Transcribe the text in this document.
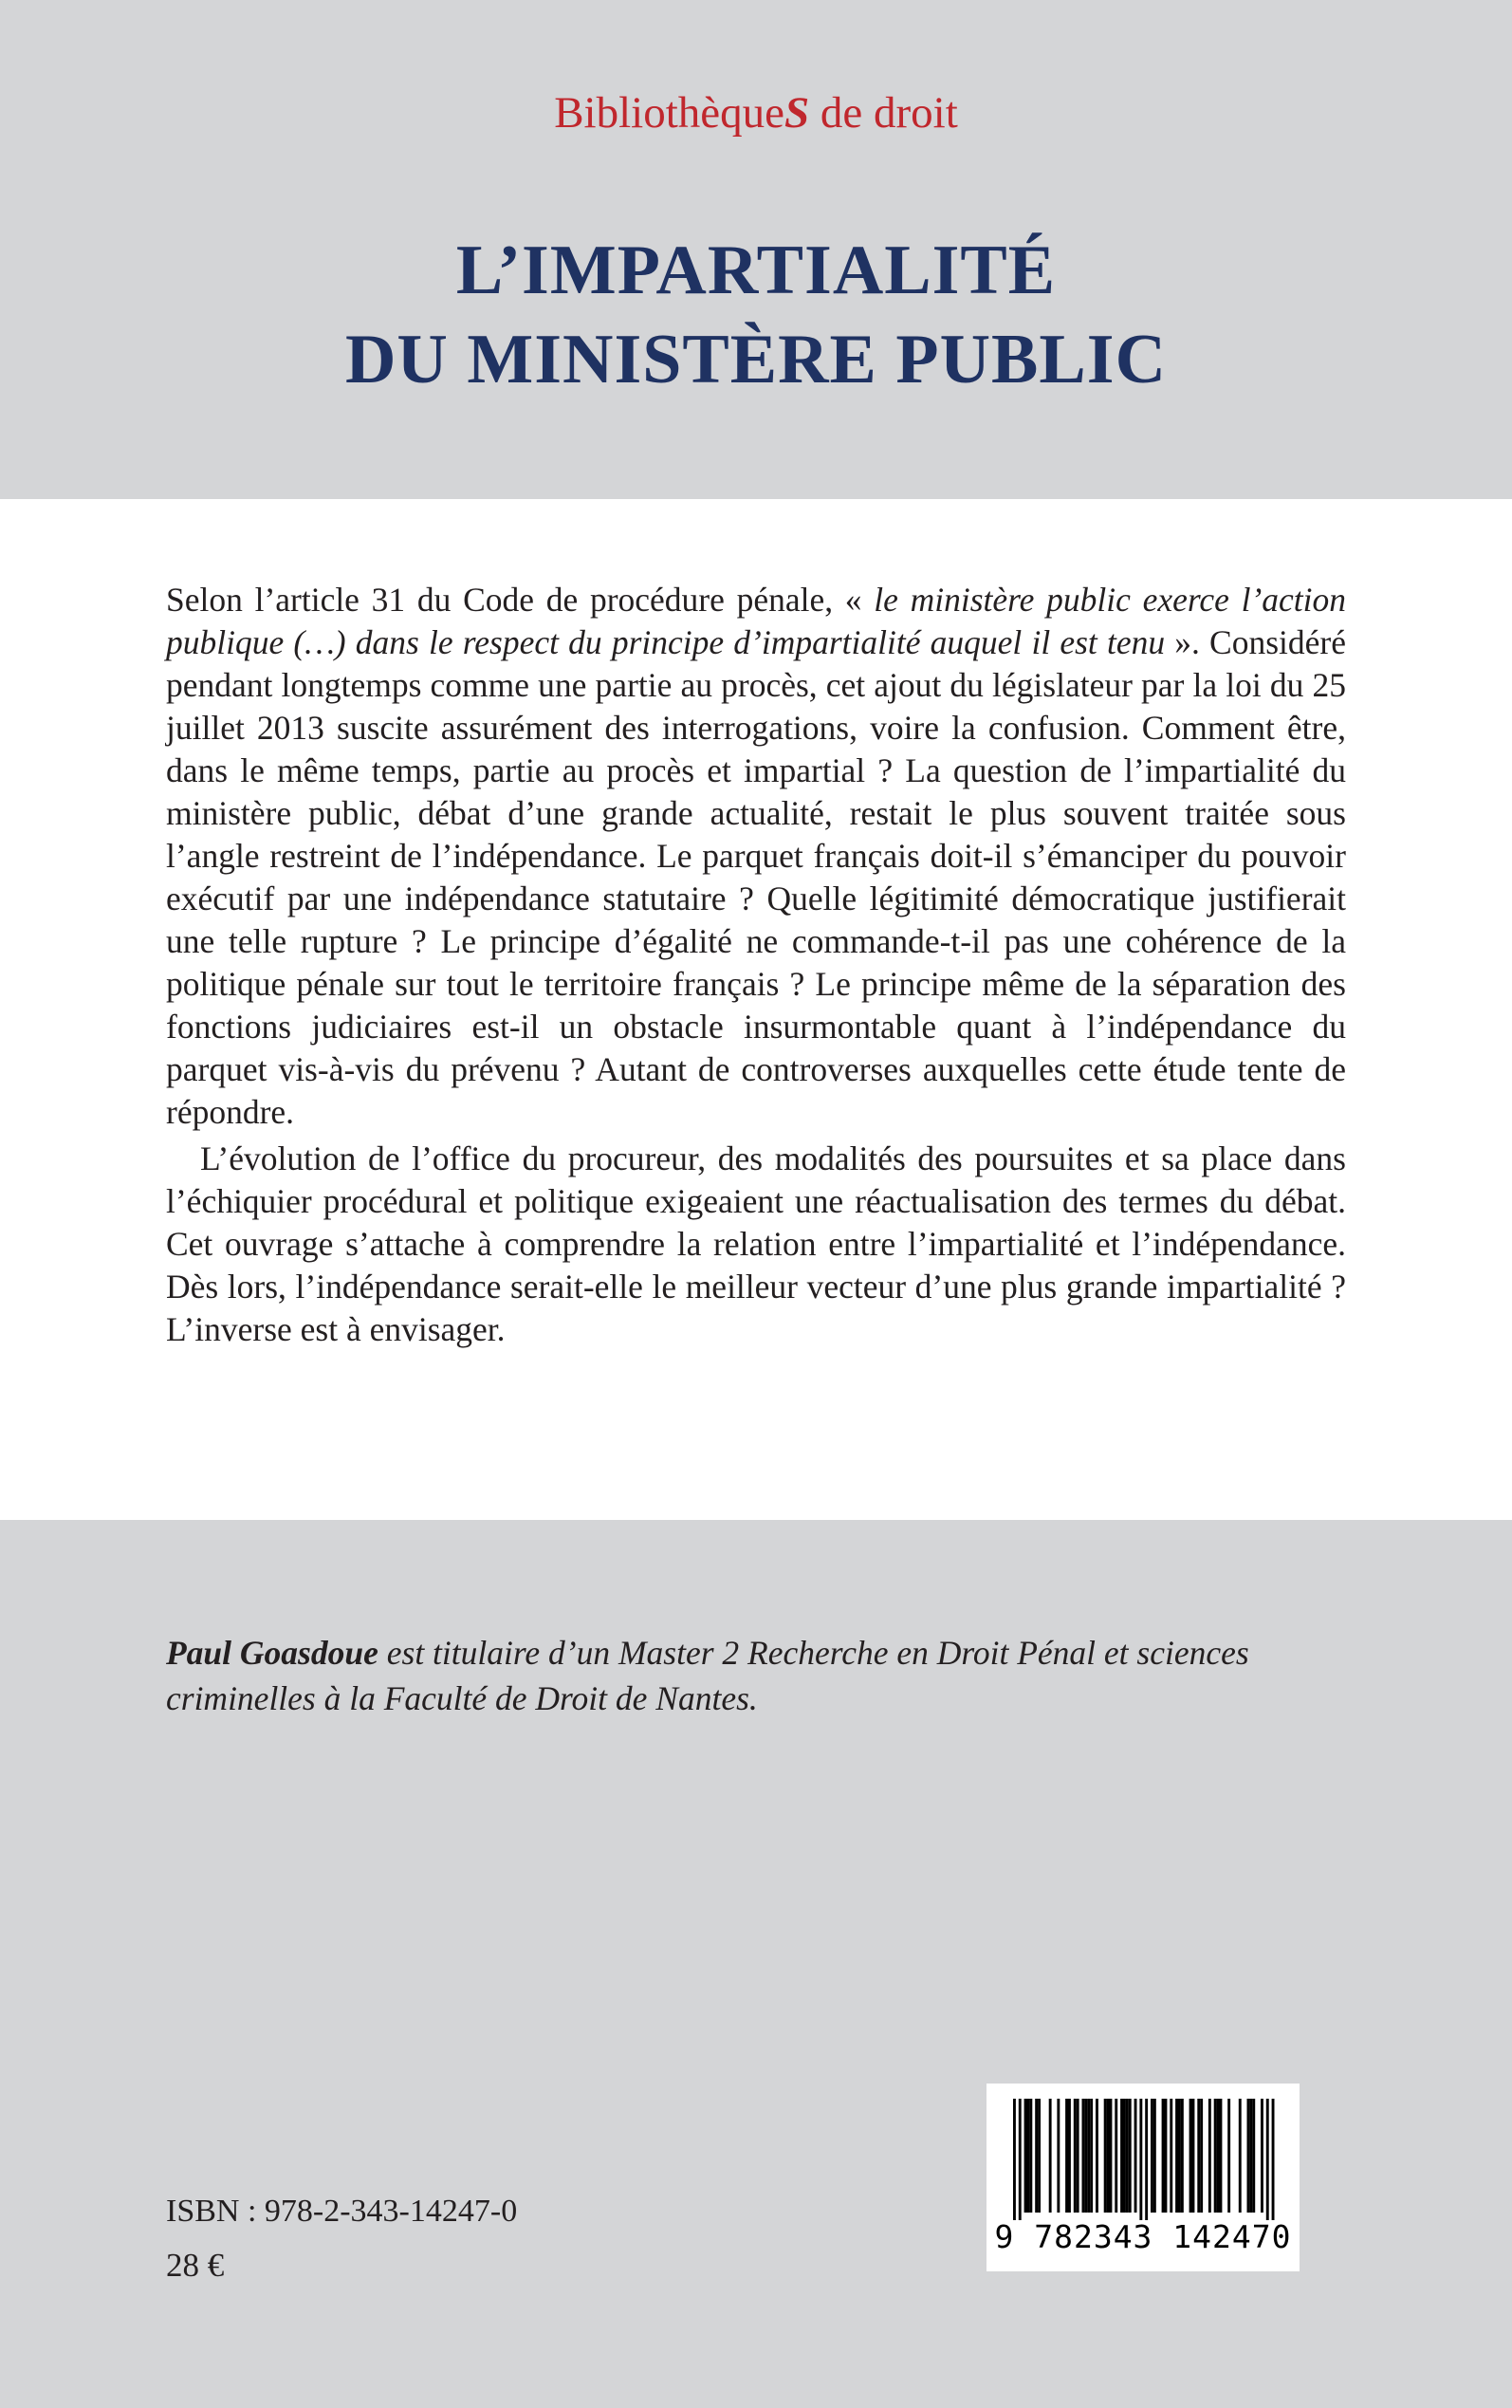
BibliothèqueS de droit
L’IMPARTIALITÉ
DU MINISTÈRE PUBLIC

Selon l’article 31 du Code de procédure pénale, « le ministère public exerce l’action publique (…) dans le respect du principe d’impartialité auquel il est tenu ». Considéré pendant longtemps comme une partie au procès, cet ajout du législateur par la loi du 25 juillet 2013 suscite assurément des interrogations, voire la confusion. Comment être, dans le même temps, partie au procès et impartial ? La question de l’impartialité du ministère public, débat d’une grande actualité, restait le plus souvent traitée sous l’angle restreint de l’indépendance. Le parquet français doit-il s’émanciper du pouvoir exécutif par une indépendance statutaire ? Quelle légitimité démocratique justifierait une telle rupture ? Le principe d’égalité ne commande-t-il pas une cohérence de la politique pénale sur tout le territoire français ? Le principe même de la séparation des fonctions judiciaires est-il un obstacle insurmontable quant à l’indépendance du parquet vis-à-vis du prévenu ? Autant de controverses auxquelles cette étude tente de répondre.

L’évolution de l’office du procureur, des modalités des poursuites et sa place dans l’échiquier procédural et politique exigeaient une réactualisation des termes du débat. Cet ouvrage s’attache à comprendre la relation entre l’impartialité et l’indépendance. Dès lors, l’indépendance serait-elle le meilleur vecteur d’une plus grande impartialité ? L’inverse est à envisager.

Paul Goasdoue est titulaire d’un Master 2 Recherche en Droit Pénal et sciences criminelles à la Faculté de Droit de Nantes.
ISBN : 978-2-343-14247-0
28 €
9 782343 142470
